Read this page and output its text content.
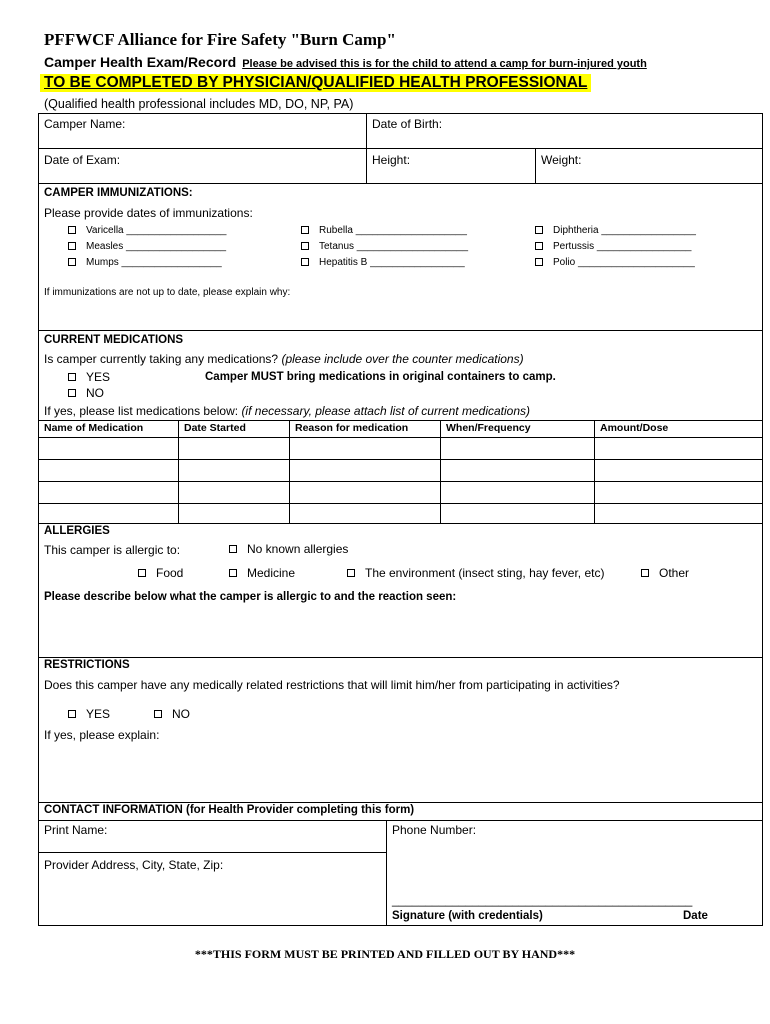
PFFWCF Alliance for Fire Safety "Burn Camp"
Camper Health Exam/Record Please be advised this is for the child to attend a camp for burn-injured youth
TO BE COMPLETED BY PHYSICIAN/QUALIFIED HEALTH PROFESSIONAL
(Qualified health professional includes MD, DO, NP, PA)
Camper Name:	Date of Birth:
Date of Exam:	Height:	Weight:
CAMPER IMMUNIZATIONS:
Please provide dates of immunizations:
Varicella __________________
Measles __________________
Mumps __________________
Rubella ____________________
Tetanus ____________________
Hepatitis B _________________
Diphtheria _________________
Pertussis _________________
Polio _____________________
If immunizations are not up to date, please explain why:
CURRENT MEDICATIONS
Is camper currently taking any medications? (please include over the counter medications)
YES
NO
Camper MUST bring medications in original containers to camp.
If yes, please list medications below: (if necessary, please attach list of current medications)
Name of Medication	Date Started	Reason for medication	When/Frequency	Amount/Dose
ALLERGIES
This camper is allergic to:	No known allergies
Food	Medicine	The environment (insect sting, hay fever, etc)	Other
Please describe below what the camper is allergic to and the reaction seen:
RESTRICTIONS
Does this camper have any medically related restrictions that will limit him/her from participating in activities?
YES	NO
If yes, please explain:
CONTACT INFORMATION (for Health Provider completing this form)
Print Name:	Phone Number:
Provider Address, City, State, Zip:
_____________________________________________
Signature (with credentials)	Date
***THIS FORM MUST BE PRINTED AND FILLED OUT BY HAND***
